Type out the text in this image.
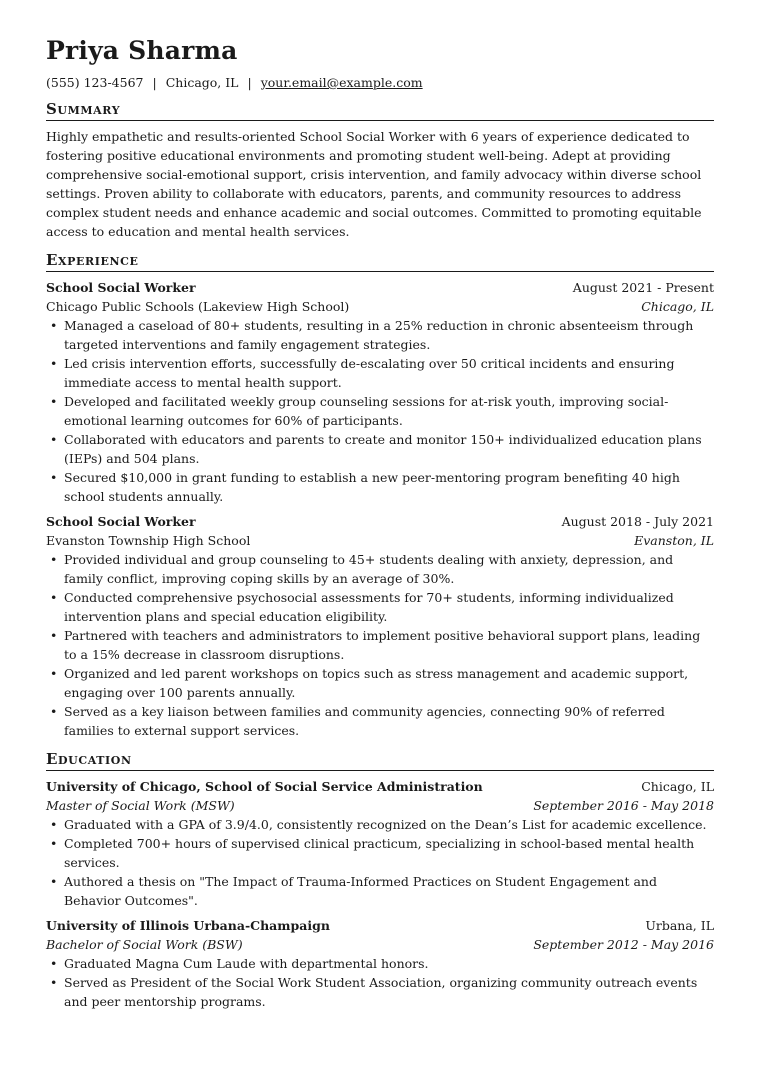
Priya Sharma
(555) 123-4567 | Chicago, IL | your.email@example.com
Summary
Highly empathetic and results-oriented School Social Worker with 6 years of experience dedicated to fostering positive educational environments and promoting student well-being. Adept at providing comprehensive social-emotional support, crisis intervention, and family advocacy within diverse school settings. Proven ability to collaborate with educators, parents, and community resources to address complex student needs and enhance academic and social outcomes. Committed to promoting equitable access to education and mental health services.
Experience
School Social Worker	August 2021 - Present
Chicago Public Schools (Lakeview High School)	Chicago, IL
• Managed a caseload of 80+ students, resulting in a 25% reduction in chronic absenteeism through targeted interventions and family engagement strategies.
• Led crisis intervention efforts, successfully de-escalating over 50 critical incidents and ensuring immediate access to mental health support.
• Developed and facilitated weekly group counseling sessions for at-risk youth, improving social-emotional learning outcomes for 60% of participants.
• Collaborated with educators and parents to create and monitor 150+ individualized education plans (IEPs) and 504 plans.
• Secured $10,000 in grant funding to establish a new peer-mentoring program benefiting 40 high school students annually.
School Social Worker	August 2018 - July 2021
Evanston Township High School	Evanston, IL
• Provided individual and group counseling to 45+ students dealing with anxiety, depression, and family conflict, improving coping skills by an average of 30%.
• Conducted comprehensive psychosocial assessments for 70+ students, informing individualized intervention plans and special education eligibility.
• Partnered with teachers and administrators to implement positive behavioral support plans, leading to a 15% decrease in classroom disruptions.
• Organized and led parent workshops on topics such as stress management and academic support, engaging over 100 parents annually.
• Served as a key liaison between families and community agencies, connecting 90% of referred families to external support services.
Education
University of Chicago, School of Social Service Administration	Chicago, IL
Master of Social Work (MSW)	September 2016 - May 2018
• Graduated with a GPA of 3.9/4.0, consistently recognized on the Dean’s List for academic excellence.
• Completed 700+ hours of supervised clinical practicum, specializing in school-based mental health services.
• Authored a thesis on "The Impact of Trauma-Informed Practices on Student Engagement and Behavior Outcomes".
University of Illinois Urbana-Champaign	Urbana, IL
Bachelor of Social Work (BSW)	September 2012 - May 2016
• Graduated Magna Cum Laude with departmental honors.
• Served as President of the Social Work Student Association, organizing community outreach events and peer mentorship programs.
